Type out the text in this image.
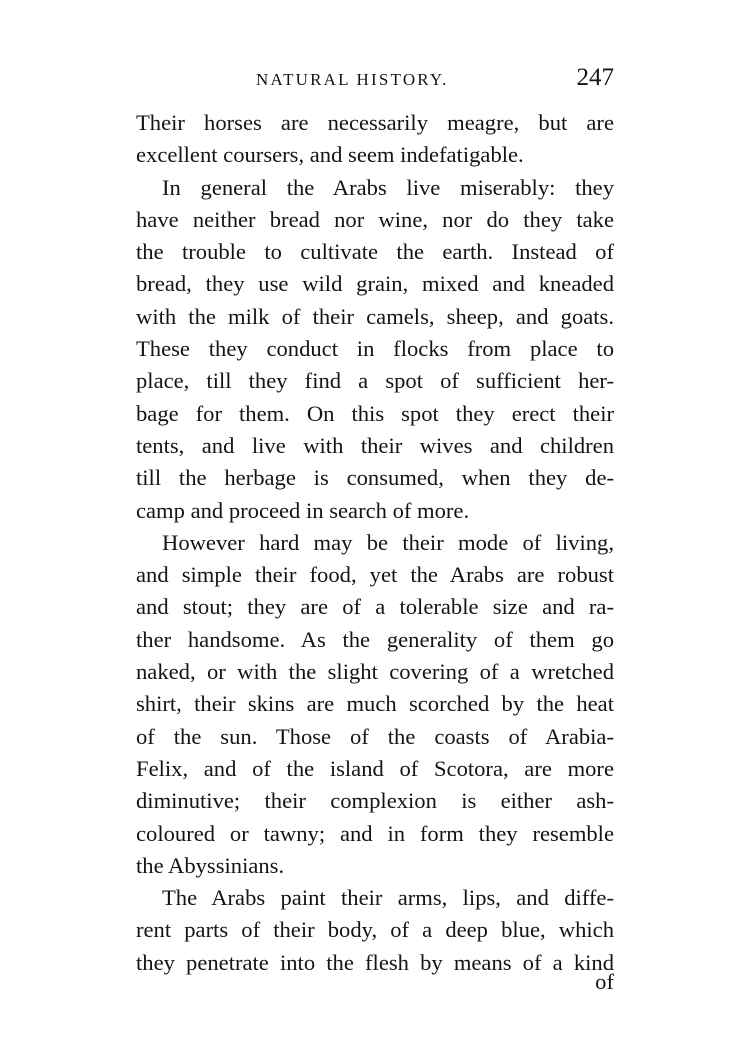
NATURAL HISTORY.	247
Their horses are necessarily meagre, but are
excellent coursers, and seem indefatigable.
In general the Arabs live miserably: they
have neither bread nor wine, nor do they take
the trouble to cultivate the earth. Instead of
bread, they use wild grain, mixed and kneaded
with the milk of their camels, sheep, and goats.
These they conduct in flocks from place to
place, till they find a spot of sufficient her-
bage for them. On this spot they erect their
tents, and live with their wives and children
till the herbage is consumed, when they de-
camp and proceed in search of more.
However hard may be their mode of living,
and simple their food, yet the Arabs are robust
and stout; they are of a tolerable size and ra-
ther handsome. As the generality of them go
naked, or with the slight covering of a wretched
shirt, their skins are much scorched by the heat
of the sun. Those of the coasts of Arabia-
Felix, and of the island of Scotora, are more
diminutive; their complexion is either ash-
coloured or tawny; and in form they resemble
the Abyssinians.
The Arabs paint their arms, lips, and diffe-
rent parts of their body, of a deep blue, which
they penetrate into the flesh by means of a kind
of
